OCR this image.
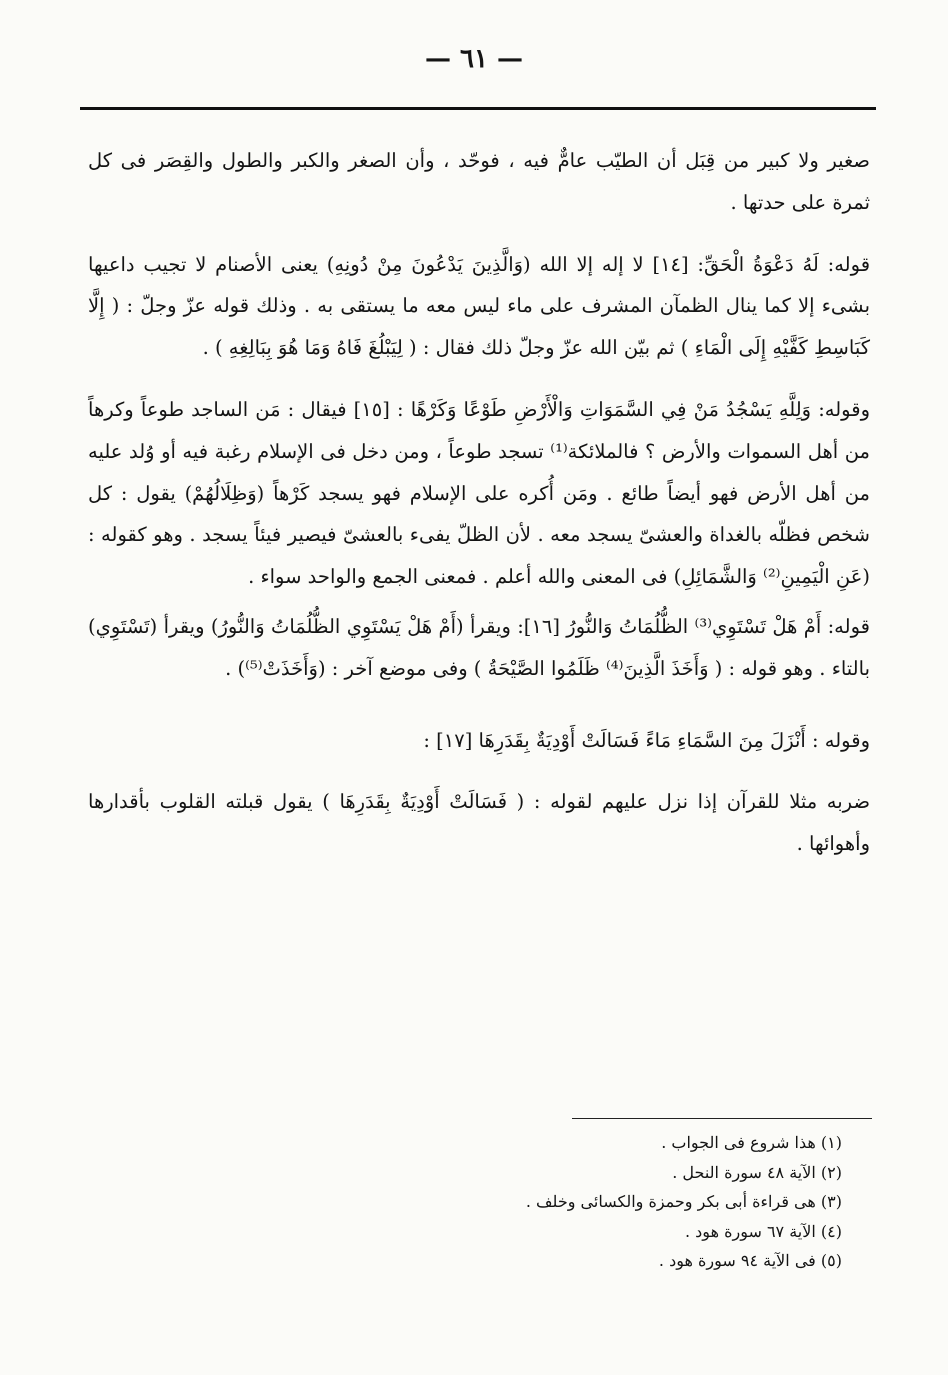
— ٦١ —

صغير ولا كبير من قِبَل أن الطيّب عامٌّ فيه ، فوحّد ، وأن الصغر والكبر والطول والقِصَر فى كل ثمرة على حدتها .

قوله: لَهُ دَعْوَةُ الْحَقِّ: [١٤] لا إله إلا الله (وَالَّذِينَ يَدْعُونَ مِنْ دُونِهِ) يعنى الأصنام لا تجيب داعيها بشىء إلا كما ينال الظمآن المشرف على ماء ليس معه ما يستقى به . وذلك قوله عزّ وجلّ : ( إِلَّا كَبَاسِطِ كَفَّيْهِ إِلَى الْمَاءِ ) ثم بيّن الله عزّ وجلّ ذلك فقال : ( لِيَبْلُغَ فَاهُ وَمَا هُوَ بِبَالِغِهِ ) .

وقوله: وَلِلَّهِ يَسْجُدُ مَنْ فِي السَّمَوَاتِ وَالْأَرْضِ طَوْعًا وَكَرْهًا : [١٥] فيقال : مَن الساجد طوعاً وكرهاً من أهل السموات والأرض ؟ فالملائكة⁽¹⁾ تسجد طوعاً ، ومن دخل فى الإسلام رغبة فيه أو وُلد عليه من أهل الأرض فهو أيضاً طائع . ومَن أُكره على الإسلام فهو يسجد كَرْهاً (وَظِلَالُهُمْ) يقول : كل شخص فظلّه بالغداة والعشىّ يسجد معه . لأن الظلّ يفىء بالعشىّ فيصير فيئاً يسجد . وهو كقوله : (عَنِ الْيَمِينِ⁽²⁾ وَالشَّمَائِلِ) فى المعنى والله أعلم . فمعنى الجمع والواحد سواء .

قوله: أَمْ هَلْ تَسْتَوِي⁽³⁾ الظُّلُمَاتُ وَالنُّورُ [١٦]: ويقرأ (أَمْ هَلْ يَسْتَوِي الظُّلُمَاتُ وَالنُّورُ) ويقرأ (تَسْتَوِي) بالتاء . وهو قوله : ( وَأَخَذَ الَّذِينَ⁽⁴⁾ ظَلَمُوا الصَّيْحَةُ ) وفى موضع آخر : (وَأَخَذَتْ⁽⁵⁾) .

وقوله : أَنْزَلَ مِنَ السَّمَاءِ مَاءً فَسَالَتْ أَوْدِيَةٌ بِقَدَرِهَا [١٧] :

ضربه مثلا للقرآن إذا نزل عليهم لقوله : ( فَسَالَتْ أَوْدِيَةٌ بِقَدَرِهَا ) يقول قبلته القلوب بأقدارها وأهوائها .

(١) هذا شروع فى الجواب .
(٢) الآية ٤٨ سورة النحل .
(٣) هى قراءة أبى بكر وحمزة والكسائى وخلف .
(٤) الآية ٦٧ سورة هود .
(٥) فى الآية ٩٤ سورة هود .
